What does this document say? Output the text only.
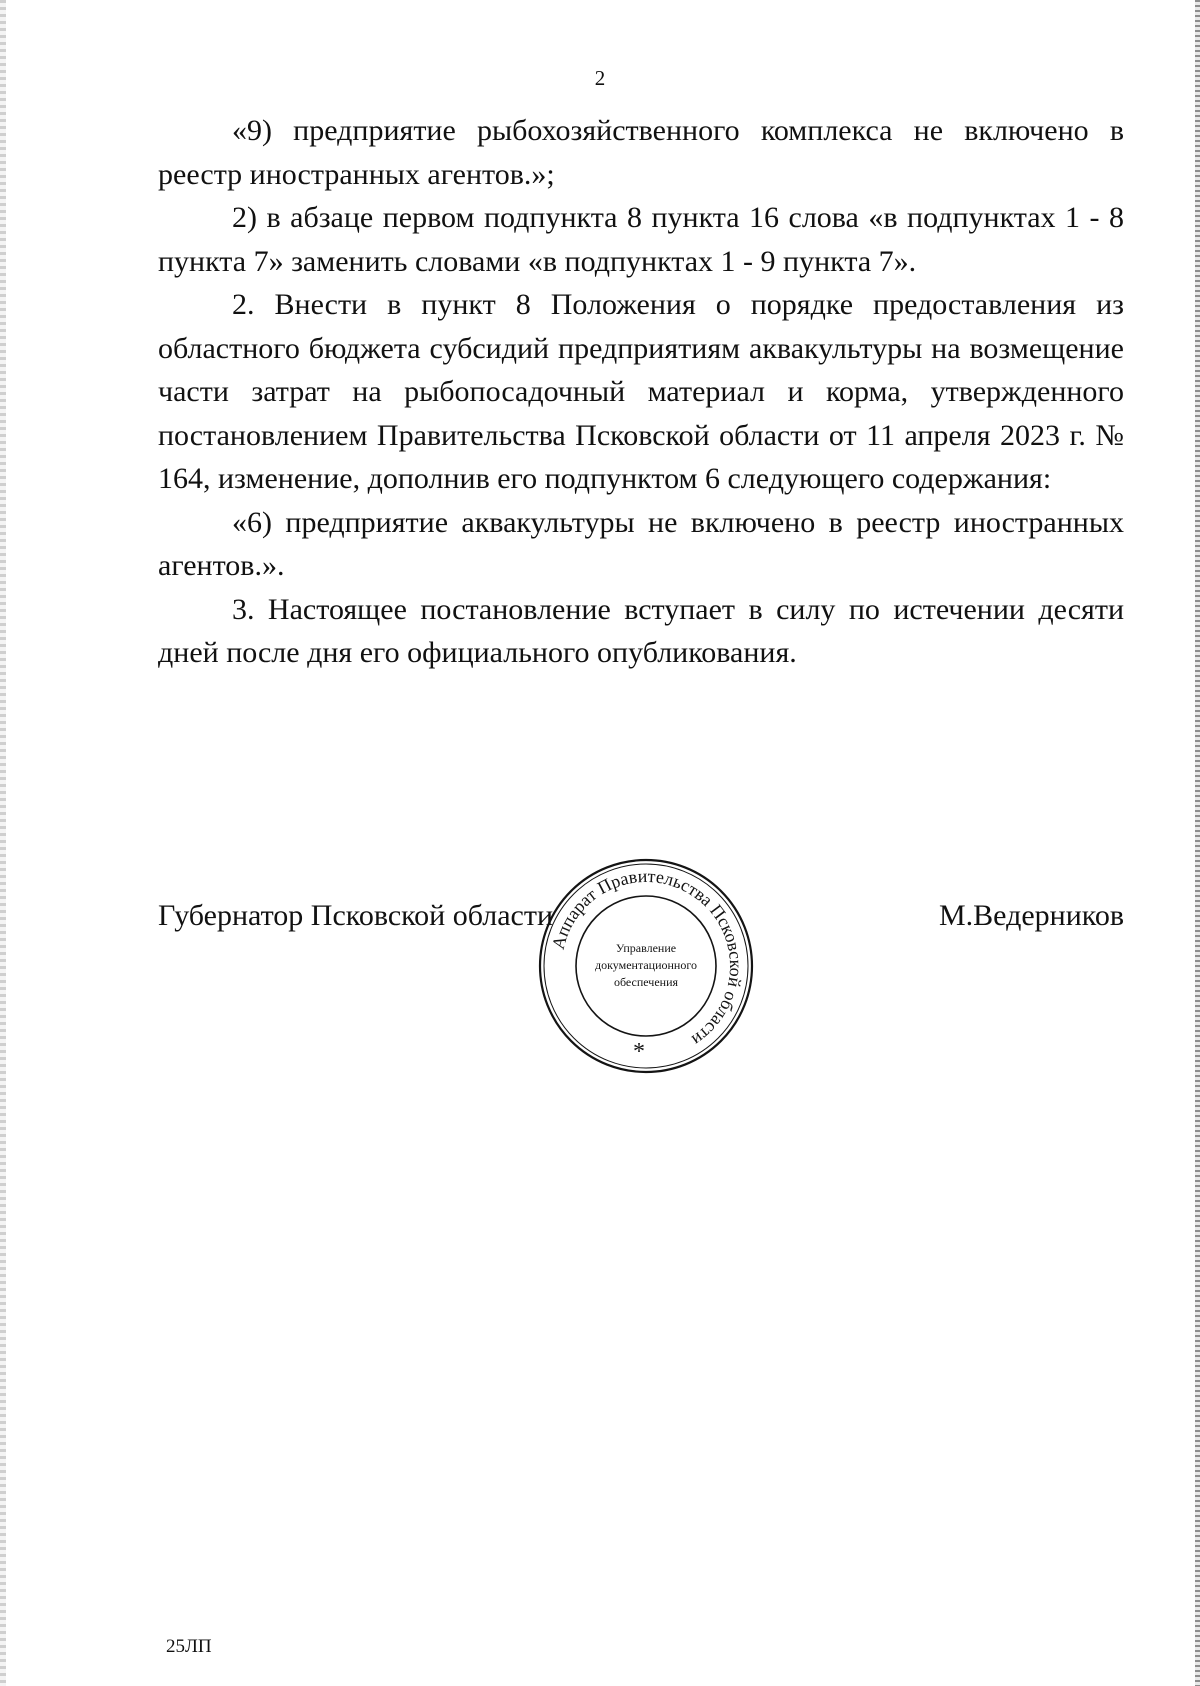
2

«9) предприятие рыбохозяйственного комплекса не включено в реестр иностранных агентов.»;

2) в абзаце первом подпункта 8 пункта 16 слова «в подпунктах 1 - 8 пункта 7» заменить словами «в подпунктах 1 - 9 пункта 7».

2. Внести в пункт 8 Положения о порядке предоставления из областного бюджета субсидий предприятиям аквакультуры на возмещение части затрат на рыбопосадочный материал и корма, утвержденного постановлением Правительства Псковской области от 11 апреля 2023 г. № 164, изменение, дополнив его подпунктом 6 следующего содержания:

«6) предприятие аквакультуры не включено в реестр иностранных агентов.».

3. Настоящее постановление вступает в силу по истечении десяти дней после дня его официального опубликования.

Губернатор Псковской области	М.Ведерников
Аппарат Правительства Псковской области
Управление
документационного
обеспечения
*
25ЛП
